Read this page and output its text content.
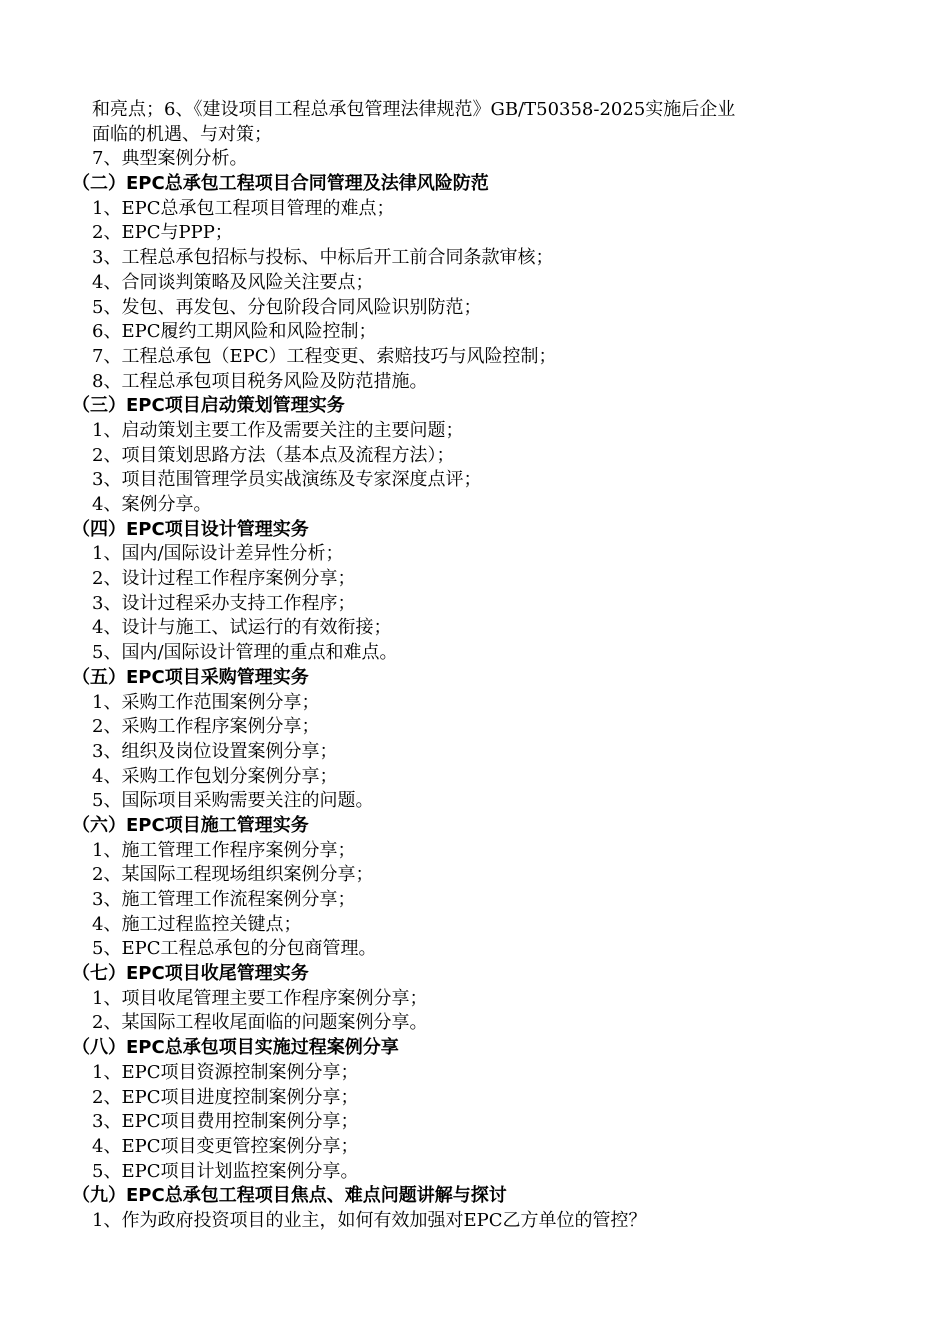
和亮点；6、《建设项目工程总承包管理法律规范》GB/T50358-2025实施后企业
面临的机遇、与对策；
7、典型案例分析。
（二）EPC总承包工程项目合同管理及法律风险防范
1、EPC总承包工程项目管理的难点；
2、EPC与PPP；
3、工程总承包招标与投标、中标后开工前合同条款审核；
4、合同谈判策略及风险关注要点；
5、发包、再发包、分包阶段合同风险识别防范；
6、EPC履约工期风险和风险控制；
7、工程总承包（EPC）工程变更、索赔技巧与风险控制；
8、工程总承包项目税务风险及防范措施。
（三）EPC项目启动策划管理实务
1、启动策划主要工作及需要关注的主要问题；
2、项目策划思路方法（基本点及流程方法）；
3、项目范围管理学员实战演练及专家深度点评；
4、案例分享。
（四）EPC项目设计管理实务
1、国内/国际设计差异性分析；
2、设计过程工作程序案例分享；
3、设计过程采办支持工作程序；
4、设计与施工、试运行的有效衔接；
5、国内/国际设计管理的重点和难点。
（五）EPC项目采购管理实务
1、采购工作范围案例分享；
2、采购工作程序案例分享；
3、组织及岗位设置案例分享；
4、采购工作包划分案例分享；
5、国际项目采购需要关注的问题。
（六）EPC项目施工管理实务
1、施工管理工作程序案例分享；
2、某国际工程现场组织案例分享；
3、施工管理工作流程案例分享；
4、施工过程监控关键点；
5、EPC工程总承包的分包商管理。
（七）EPC项目收尾管理实务
1、项目收尾管理主要工作程序案例分享；
2、某国际工程收尾面临的问题案例分享。
（八）EPC总承包项目实施过程案例分享
1、EPC项目资源控制案例分享；
2、EPC项目进度控制案例分享；
3、EPC项目费用控制案例分享；
4、EPC项目变更管控案例分享；
5、EPC项目计划监控案例分享。
（九）EPC总承包工程项目焦点、难点问题讲解与探讨
1、作为政府投资项目的业主，如何有效加强对EPC乙方单位的管控？
